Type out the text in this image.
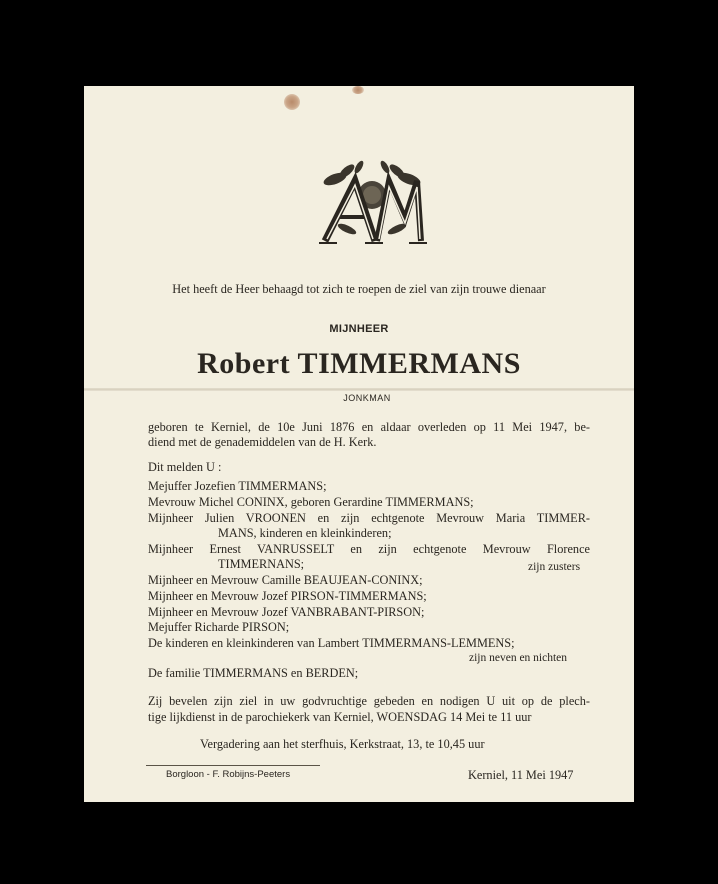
Het heeft de Heer behaagd tot zich te roepen de ziel van zijn trouwe dienaar
MIJNHEER
Robert TIMMERMANS
JONKMAN
geboren te Kerniel, de 10e Juni 1876 en aldaar overleden op 11 Mei 1947, be-
diend met de genademiddelen van de H. Kerk.
Dit melden U :
Mejuffer Jozefien TIMMERMANS;
Mevrouw Michel CONINX, geboren Gerardine TIMMERMANS;
Mijnheer Julien VROONEN en zijn echtgenote Mevrouw Maria TIMMER-
MANS, kinderen en kleinkinderen;
Mijnheer Ernest VANRUSSELT en zijn echtgenote Mevrouw Florence
TIMMERNANS;	zijn zusters
Mijnheer en Mevrouw Camille BEAUJEAN-CONINX;
Mijnheer en Mevrouw Jozef PIRSON-TIMMERMANS;
Mijnheer en Mevrouw Jozef VANBRABANT-PIRSON;
Mejuffer Richarde PIRSON;
De kinderen en kleinkinderen van Lambert TIMMERMANS-LEMMENS;
zijn neven en nichten
De familie TIMMERMANS en BERDEN;
Zij bevelen zijn ziel in uw godvruchtige gebeden en nodigen U uit op de plech-
tige lijkdienst in de parochiekerk van Kerniel, WOENSDAG 14 Mei te 11 uur
Vergadering aan het sterfhuis, Kerkstraat, 13, te 10,45 uur
Kerniel, 11 Mei 1947
Borgloon - F. Robijns-Peeters
